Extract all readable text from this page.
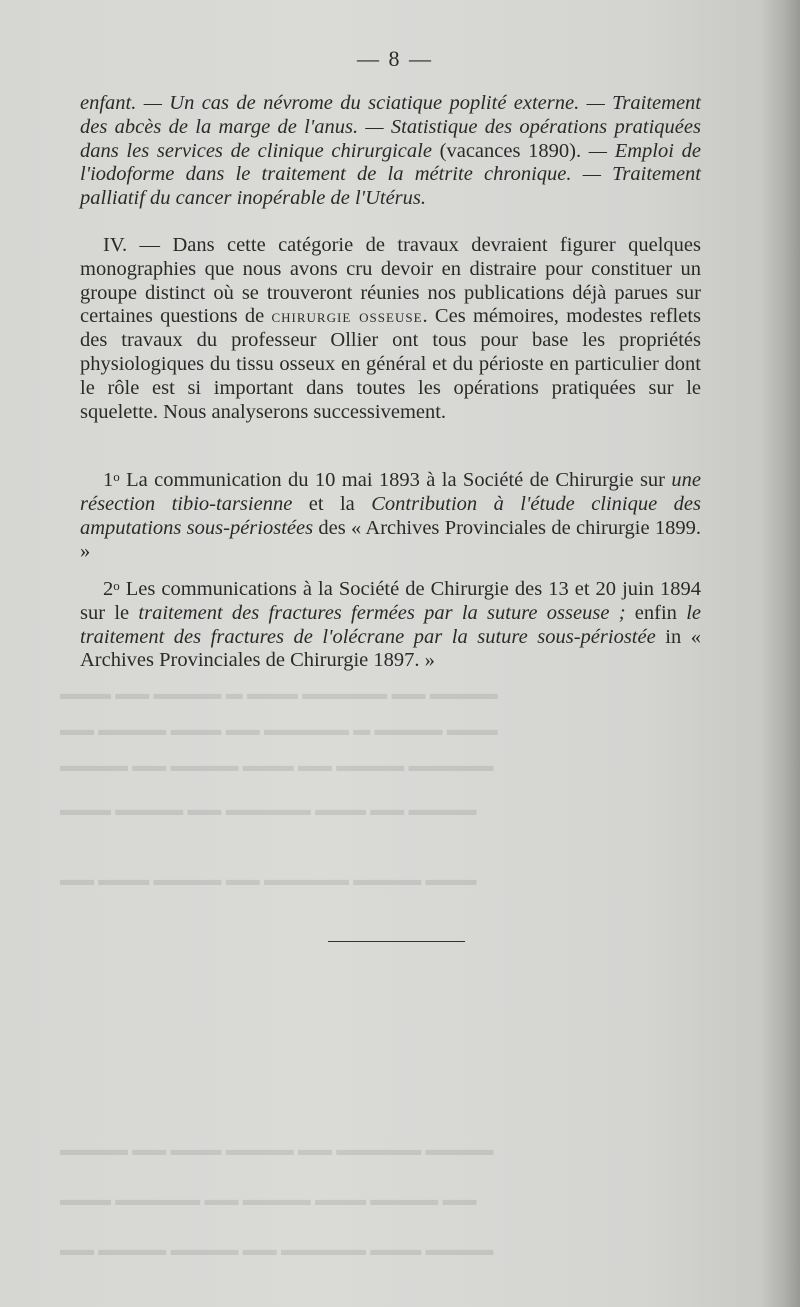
▬▬▬ ▬▬ ▬▬▬▬ ▬ ▬▬▬ ▬▬▬▬▬ ▬▬ ▬▬▬▬
▬▬ ▬▬▬▬ ▬▬▬ ▬▬ ▬▬▬▬▬ ▬ ▬▬▬▬ ▬▬▬
▬▬▬▬ ▬▬ ▬▬▬▬ ▬▬▬ ▬▬ ▬▬▬▬ ▬▬▬▬▬
▬▬▬ ▬▬▬▬ ▬▬ ▬▬▬▬▬ ▬▬▬ ▬▬ ▬▬▬▬
▬▬ ▬▬▬ ▬▬▬▬ ▬▬ ▬▬▬▬▬ ▬▬▬▬ ▬▬▬
▬▬▬▬ ▬▬ ▬▬▬ ▬▬▬▬ ▬▬ ▬▬▬▬▬ ▬▬▬▬
▬▬▬ ▬▬▬▬▬ ▬▬ ▬▬▬▬ ▬▬▬ ▬▬▬▬ ▬▬
▬▬ ▬▬▬▬ ▬▬▬▬ ▬▬ ▬▬▬▬▬ ▬▬▬ ▬▬▬▬
— 8 —

enfant. — Un cas de névrome du sciatique poplité externe. — Traitement des abcès de la marge de l'anus. — Statistique des opérations pratiquées dans les services de clinique chirurgicale (vacances 1890). — Emploi de l'iodoforme dans le traitement de la métrite chronique. — Traitement palliatif du cancer inopérable de l'Utérus.

IV. — Dans cette catégorie de travaux devraient figurer quelques monographies que nous avons cru devoir en distraire pour constituer un groupe distinct où se trouveront réunies nos publications déjà parues sur certaines questions de chirurgie osseuse. Ces mémoires, modestes reflets des travaux du professeur Ollier ont tous pour base les propriétés physiologiques du tissu osseux en général et du périoste en particulier dont le rôle est si important dans toutes les opérations pratiquées sur le squelette. Nous analyserons successivement.

1$^o$ La communication du 10 mai 1893 à la Société de Chirurgie sur une résection tibio-tarsienne et la Contribution à l'étude clinique des amputations sous-périostées des « Archives Provinciales de chirurgie 1899. »

2$^o$ Les communications à la Société de Chirurgie des 13 et 20 juin 1894 sur le traitement des fractures fermées par la suture osseuse ; enfin le traitement des fractures de l'olécrane par la suture sous-périostée in « Archives Provinciales de Chirurgie 1897. »
